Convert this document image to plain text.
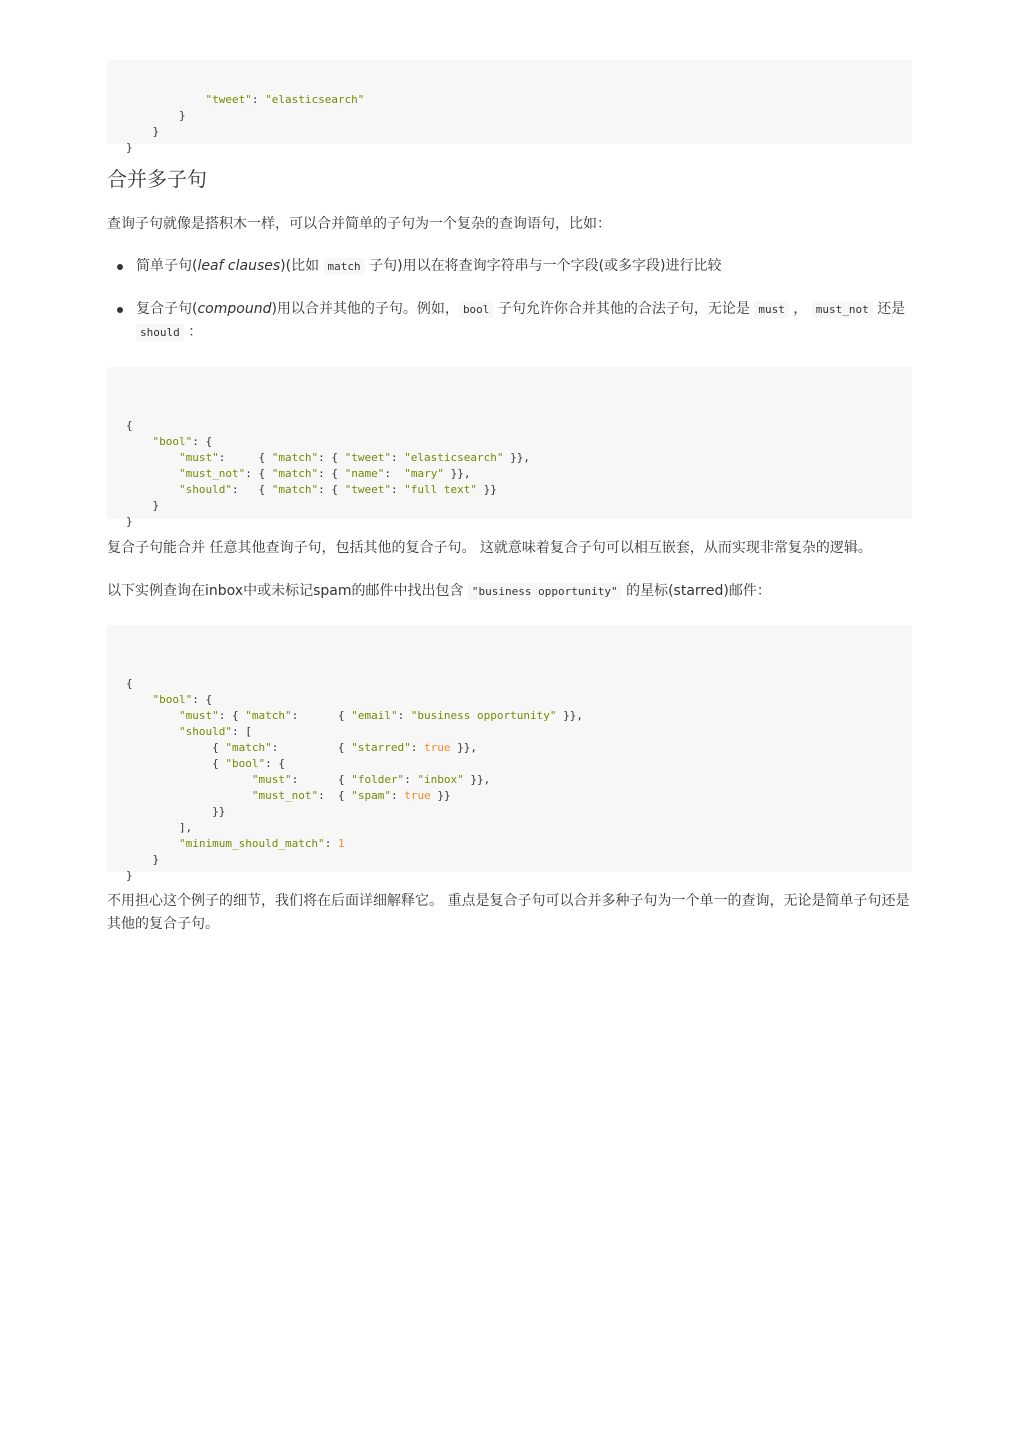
"tweet": "elasticsearch"
}
}
}

合并多子句

查询子句就像是搭积木一样，可以合并简单的子句为一个复杂的查询语句，比如：

简单子句(leaf clauses)(比如 match 子句)用以在将查询字符串与一个字段(或多字段)进行比较
复合子句(compound)用以合并其他的子句。例如， bool 子句允许你合并其他的合法子句，无论是 must ， must_not 还是 should ：

{
"bool": {
"must":     { "match": { "tweet": "elasticsearch" }},
"must_not": { "match": { "name":  "mary" }},
"should":   { "match": { "tweet": "full text" }}
}
}

复合子句能合并 任意其他查询子句，包括其他的复合子句。 这就意味着复合子句可以相互嵌套，从而实现非常复杂的逻辑。

以下实例查询在inbox中或未标记spam的邮件中找出包含 "business opportunity" 的星标(starred)邮件：

{
"bool": {
"must": { "match":      { "email": "business opportunity" }},
"should": [
{ "match":         { "starred": true }},
{ "bool": {
"must":      { "folder": "inbox" }},
"must_not":  { "spam": true }}
}}
],
"minimum_should_match": 1
}
}

不用担心这个例子的细节，我们将在后面详细解释它。 重点是复合子句可以合并多种子句为一个单一的查询，无论是简单子句还是其他的复合子句。
